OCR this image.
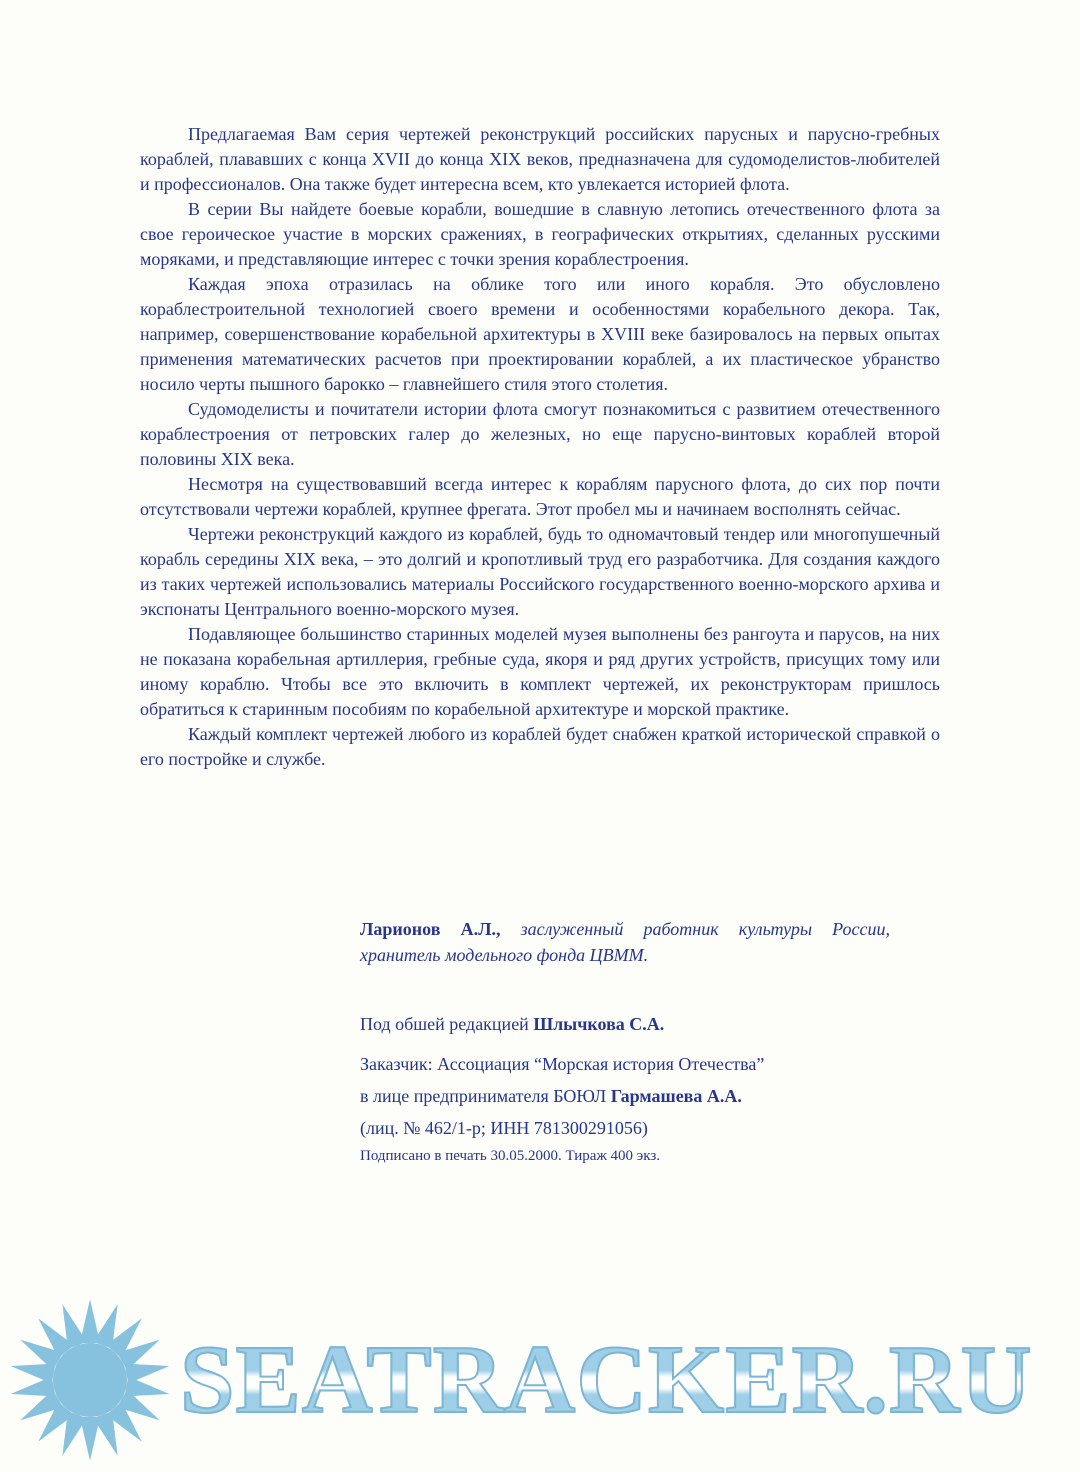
Предлагаемая Вам серия чертежей реконструкций российских парусных и парусно-гребных кораблей, плававших с конца XVII до конца XIX веков, предназначена для судомоделистов-любителей и профессионалов. Она также будет интересна всем, кто увлекается историей флота.

В серии Вы найдете боевые корабли, вошедшие в славную летопись отечественного флота за свое героическое участие в морских сражениях, в географических открытиях, сделанных русскими моряками, и представляющие интерес с точки зрения кораблестроения.

Каждая эпоха отразилась на облике того или иного корабля. Это обусловлено кораблестроительной технологией своего времени и особенностями корабельного декора. Так, например, совершенствование корабельной архитектуры в XVIII веке базировалось на первых опытах применения математических расчетов при проектировании кораблей, а их пластическое убранство носило черты пышного барокко – главнейшего стиля этого столетия.

Судомоделисты и почитатели истории флота смогут познакомиться с развитием отечественного кораблестроения от петровских галер до железных, но еще парусно-винтовых кораблей второй половины XIX века.

Несмотря на существовавший всегда интерес к кораблям парусного флота, до сих пор почти отсутствовали чертежи кораблей, крупнее фрегата. Этот пробел мы и начинаем восполнять сейчас.

Чертежи реконструкций каждого из кораблей, будь то одномачтовый тендер или многопушечный корабль середины XIX века, – это долгий и кропотливый труд его разработчика. Для создания каждого из таких чертежей использовались материалы Российского государственного военно-морского архива и экспонаты Центрального военно-морского музея.

Подавляющее большинство старинных моделей музея выполнены без рангоута и парусов, на них не показана корабельная артиллерия, гребные суда, якоря и ряд других устройств, присущих тому или иному кораблю. Чтобы все это включить в комплект чертежей, их реконструкторам пришлось обратиться к старинным пособиям по корабельной архитектуре и морской практике.

Каждый комплект чертежей любого из кораблей будет снабжен краткой исторической справкой о его постройке и службе.

Ларионов А.Л., заслуженный работник культуры России, хранитель модельного фонда ЦВММ.
Под обшей редакцией Шлычкова С.А.
Заказчик: Ассоциация “Морская история Отечества”
в лице предпринимателя БОЮЛ Гармашева А.А.
(лиц. № 462/1-р; ИНН 781300291056)
Подписано в печать 30.05.2000. Тираж 400 экз.
SEATRACKER.RU
